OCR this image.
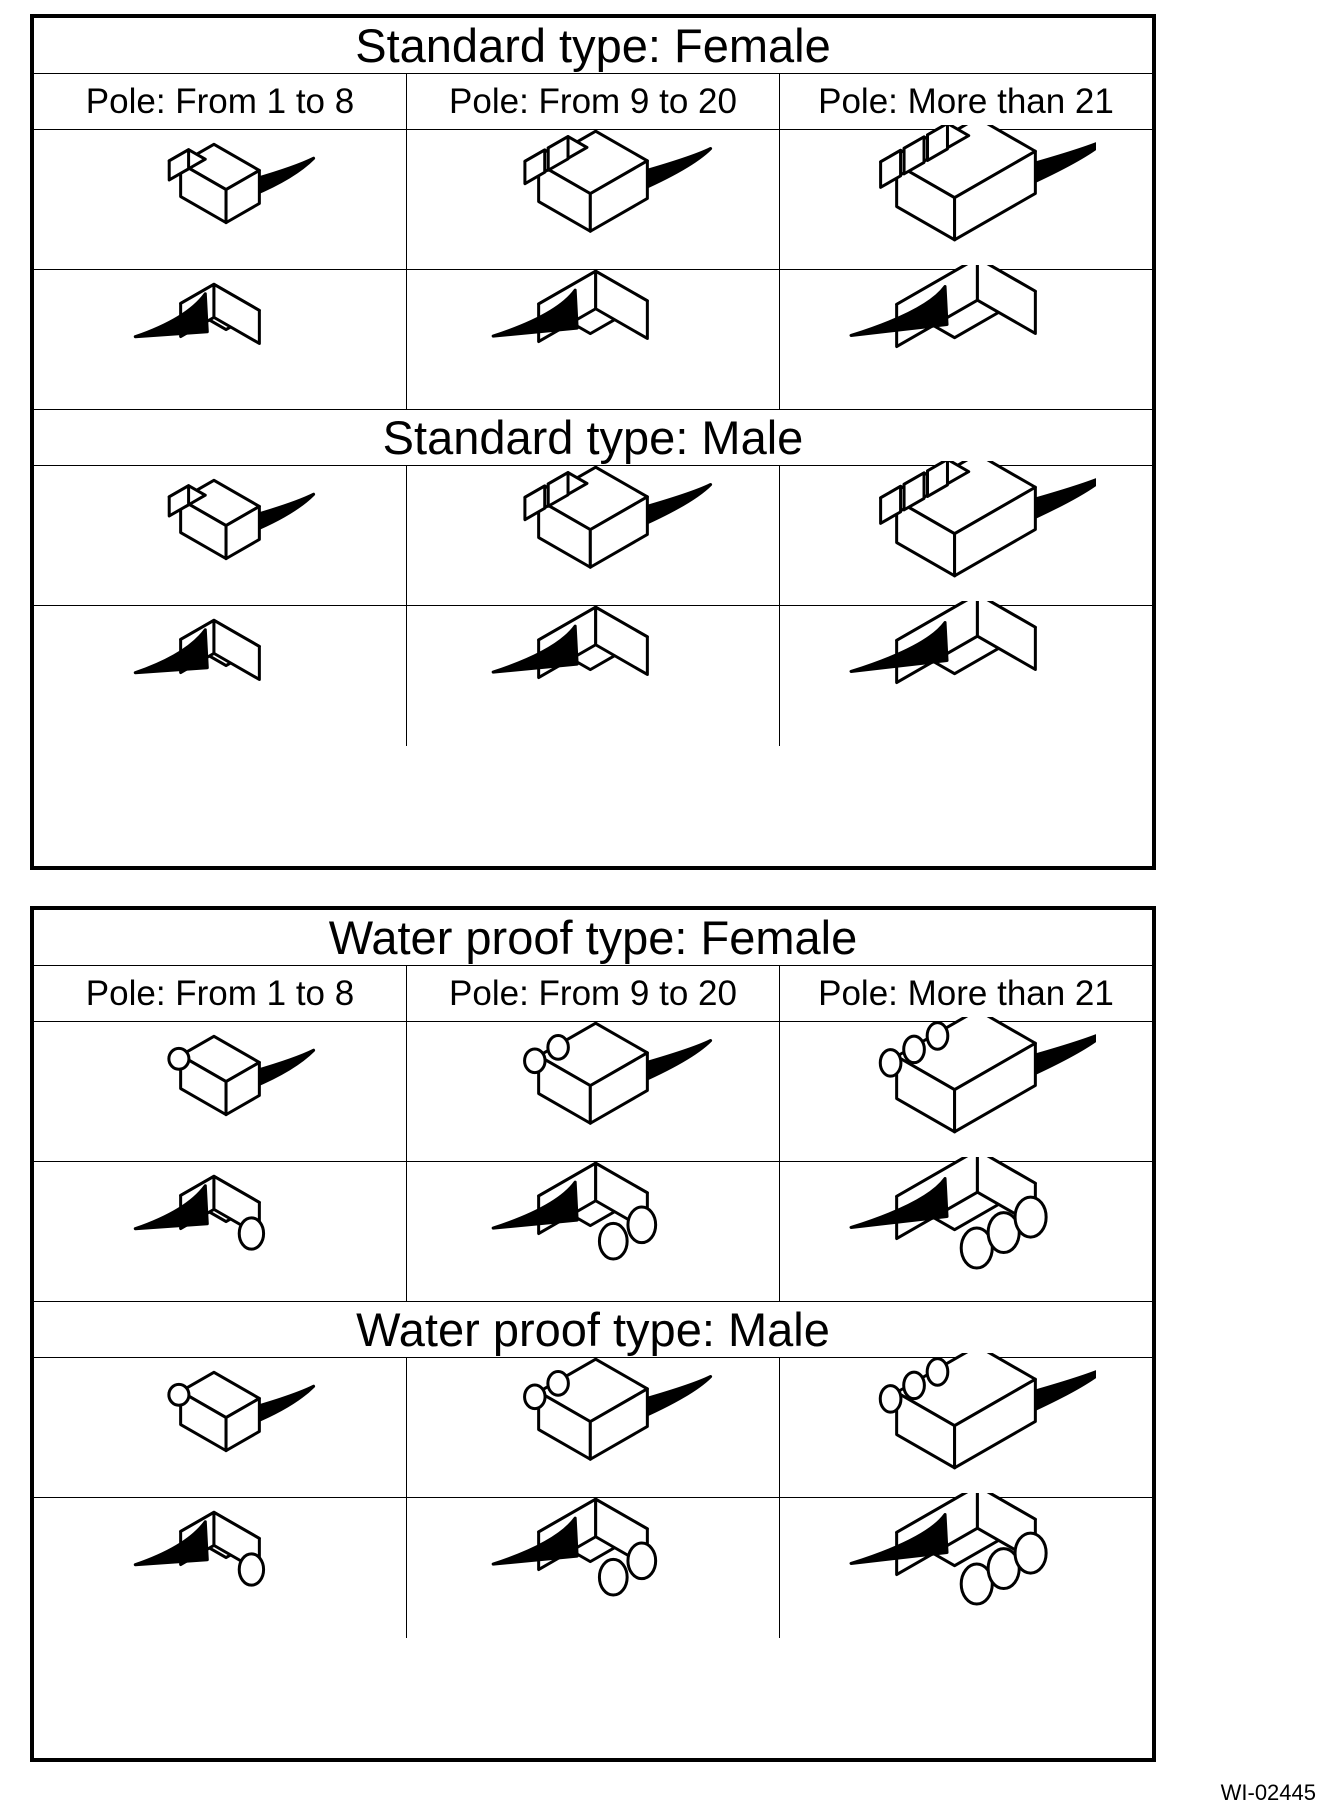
Standard type: Female
Pole: From 1 to 8	Pole: From 9 to 20	Pole: More than 21
Standard type: Male
Water proof type: Female
Pole: From 1 to 8	Pole: From 9 to 20	Pole: More than 21
Water proof type: Male
WI-02445
